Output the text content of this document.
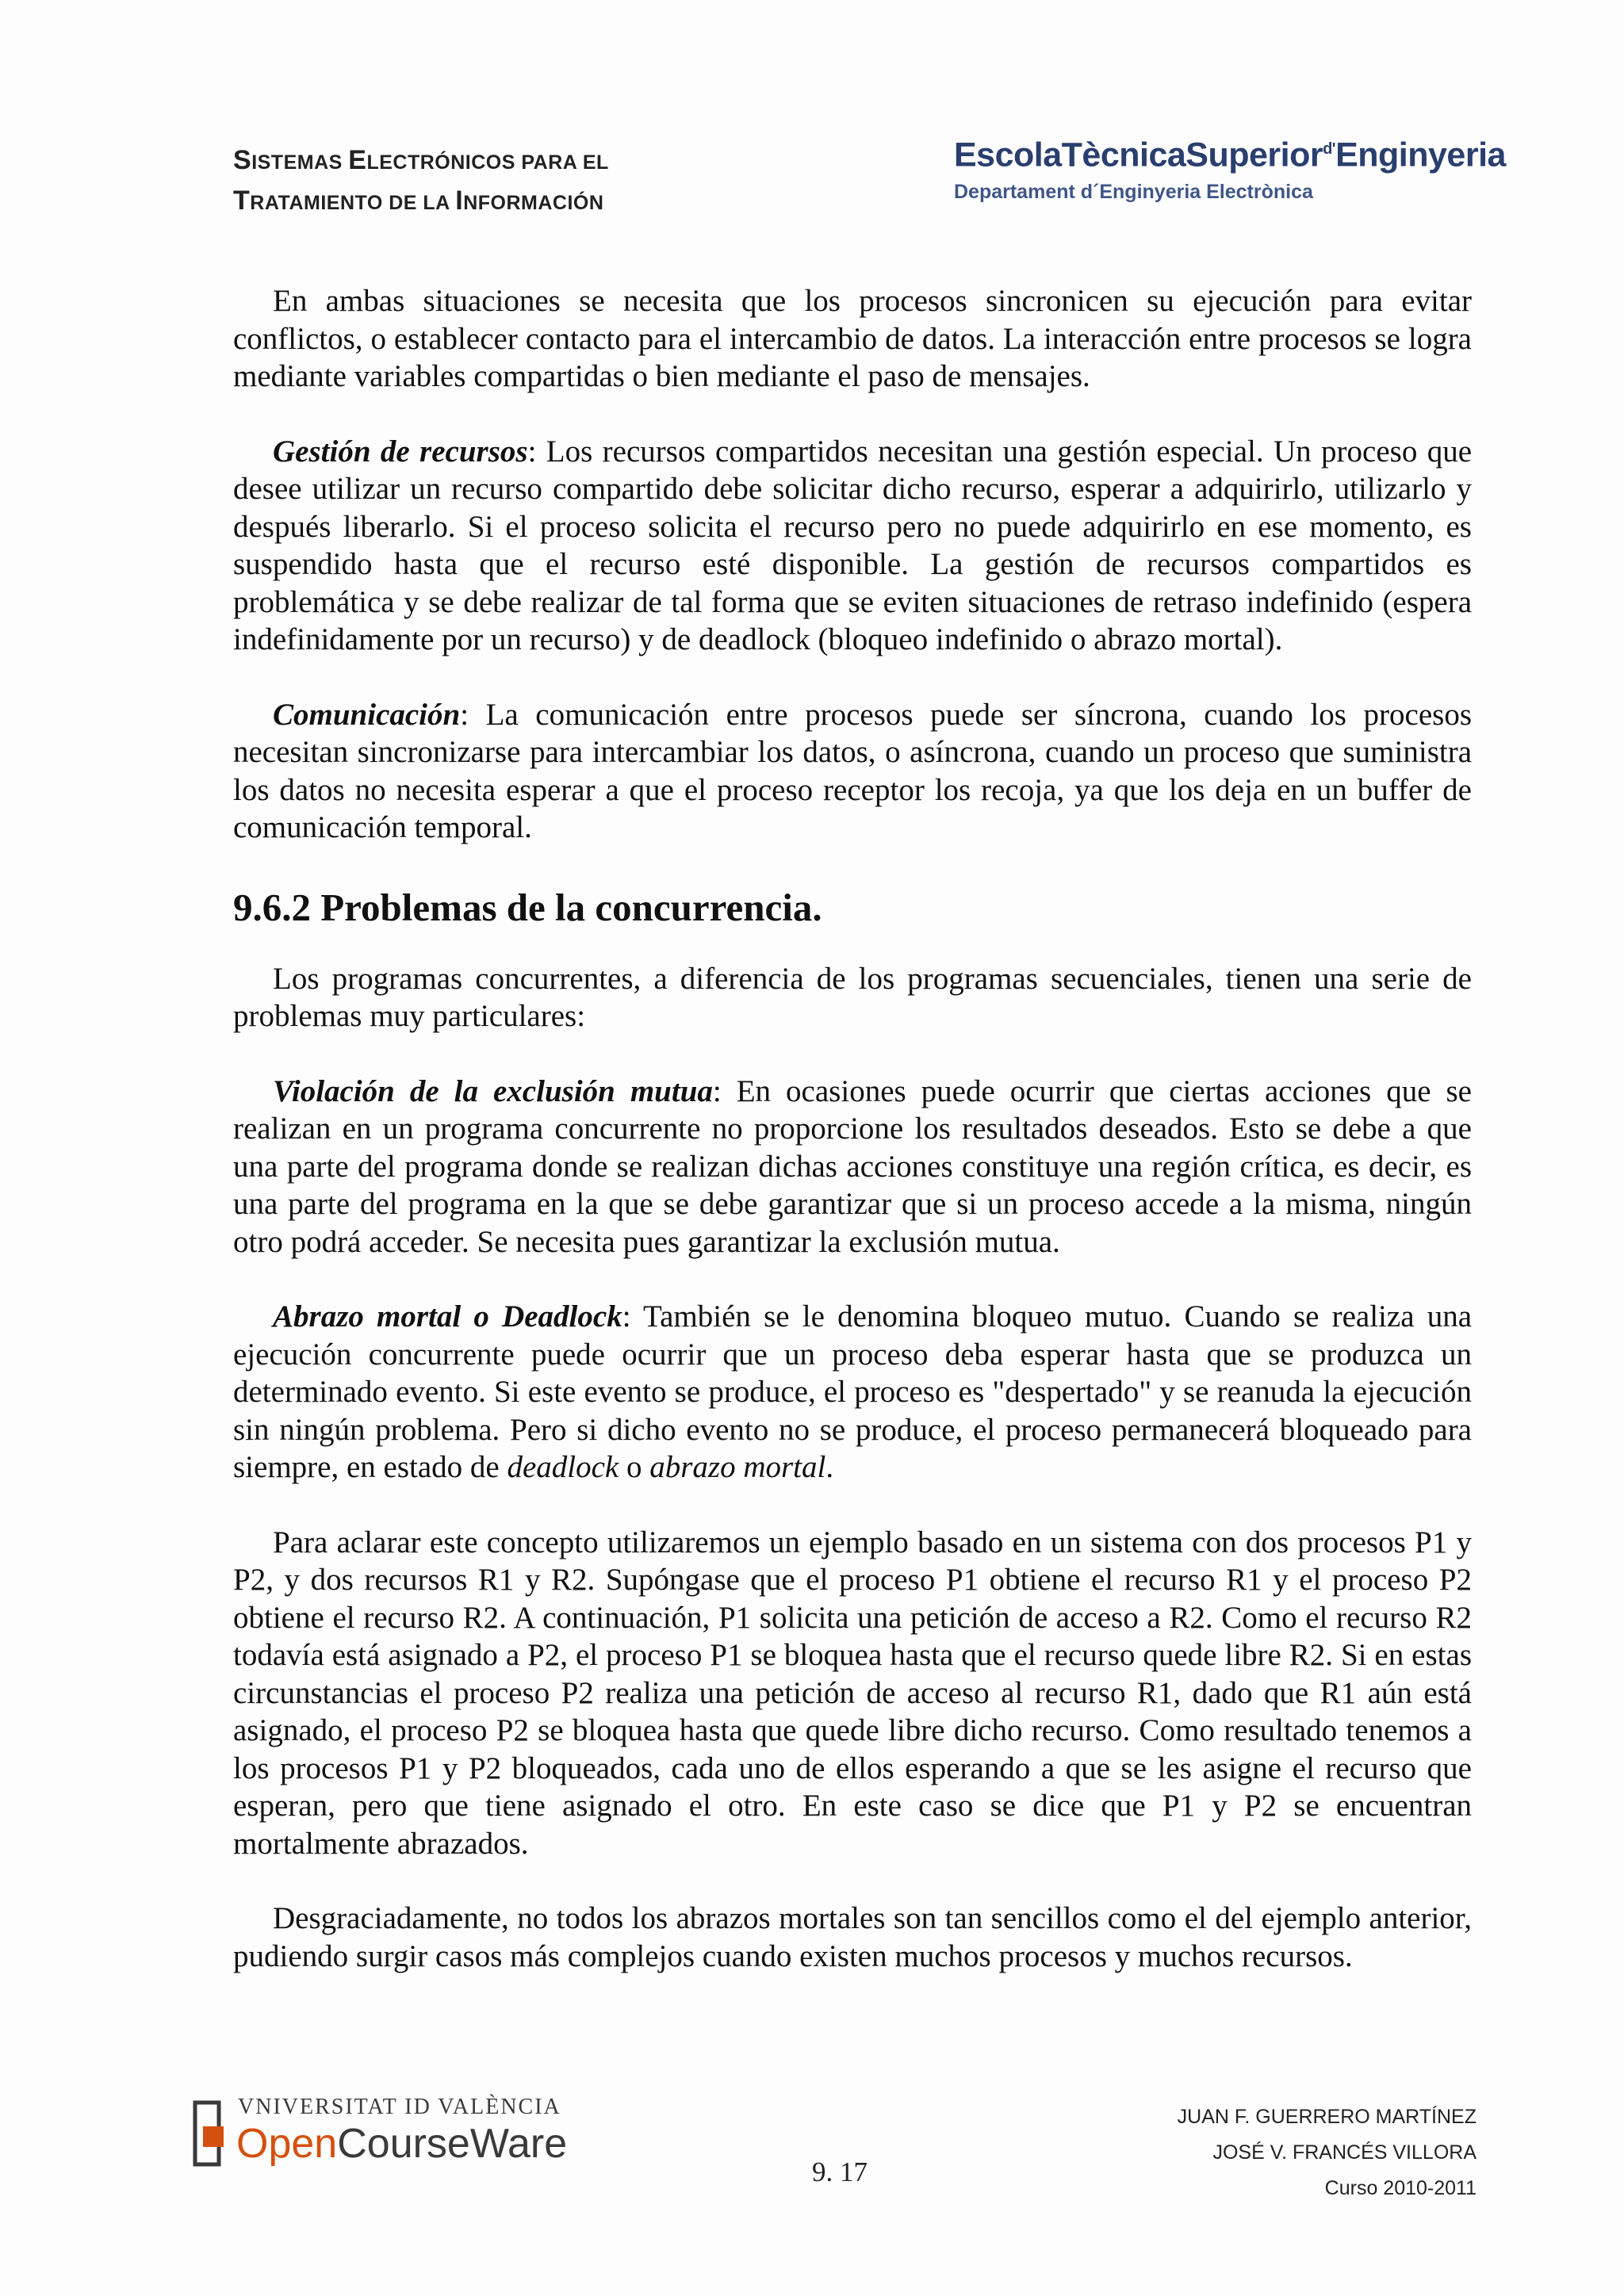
SISTEMAS ELECTRÓNICOS PARA EL
TRATAMIENTO DE LA INFORMACIÓN
EscolaTècnicaSuperior$^{d'}$Enginyeria
Departament d´Enginyeria Electrònica

En ambas situaciones se necesita que los procesos sincronicen su ejecución para evitar conflictos, o establecer contacto para el intercambio de datos. La interacción entre procesos se logra mediante variables compartidas o bien mediante el paso de mensajes.

Gestión de recursos: Los recursos compartidos necesitan una gestión especial. Un proceso que desee utilizar un recurso compartido debe solicitar dicho recurso, esperar a adquirirlo, utilizarlo y después liberarlo. Si el proceso solicita el recurso pero no puede adquirirlo en ese momento, es suspendido hasta que el recurso esté disponible. La gestión de recursos compartidos es problemática y se debe realizar de tal forma que se eviten situaciones de retraso indefinido (espera indefinidamente por un recurso) y de deadlock (bloqueo indefinido o abrazo mortal).

Comunicación: La comunicación entre procesos puede ser síncrona, cuando los procesos necesitan sincronizarse para intercambiar los datos, o asíncrona, cuando un proceso que suministra los datos no necesita esperar a que el proceso receptor los recoja, ya que los deja en un buffer de comunicación temporal.

9.6.2 Problemas de la concurrencia.

Los programas concurrentes, a diferencia de los programas secuenciales, tienen una serie de problemas muy particulares:

Violación de la exclusión mutua: En ocasiones puede ocurrir que ciertas acciones que se realizan en un programa concurrente no proporcione los resultados deseados. Esto se debe a que una parte del programa donde se realizan dichas acciones constituye una región crítica, es decir, es una parte del programa en la que se debe garantizar que si un proceso accede a la misma, ningún otro podrá acceder. Se necesita pues garantizar la exclusión mutua.

Abrazo mortal o Deadlock: También se le denomina bloqueo mutuo. Cuando se realiza una ejecución concurrente puede ocurrir que un proceso deba esperar hasta que se produzca un determinado evento. Si este evento se produce, el proceso es "despertado" y se reanuda la ejecución sin ningún problema. Pero si dicho evento no se produce, el proceso permanecerá bloqueado para siempre, en estado de deadlock o abrazo mortal.

Para aclarar este concepto utilizaremos un ejemplo basado en un sistema con dos procesos P1 y P2, y dos recursos R1 y R2. Supóngase que el proceso P1 obtiene el recurso R1 y el proceso P2 obtiene el recurso R2. A continuación, P1 solicita una petición de acceso a R2. Como el recurso R2 todavía está asignado a P2, el proceso P1 se bloquea hasta que el recurso quede libre R2. Si en estas circunstancias el proceso P2 realiza una petición de acceso al recurso R1, dado que R1 aún está asignado, el proceso P2 se bloquea hasta que quede libre dicho recurso. Como resultado tenemos a los procesos P1 y P2 bloqueados, cada uno de ellos esperando a que se les asigne el recurso que esperan, pero que tiene asignado el otro. En este caso se dice que P1 y P2 se encuentran mortalmente abrazados.

Desgraciadamente, no todos los abrazos mortales son tan sencillos como el del ejemplo anterior, pudiendo surgir casos más complejos cuando existen muchos procesos y muchos recursos.

VNIVERSITAT ID VALÈNCIA
OpenCourseWare
9. 17
JUAN F. GUERRERO MARTÍNEZ
JOSÉ V. FRANCÉS VILLORA
Curso 2010-2011
